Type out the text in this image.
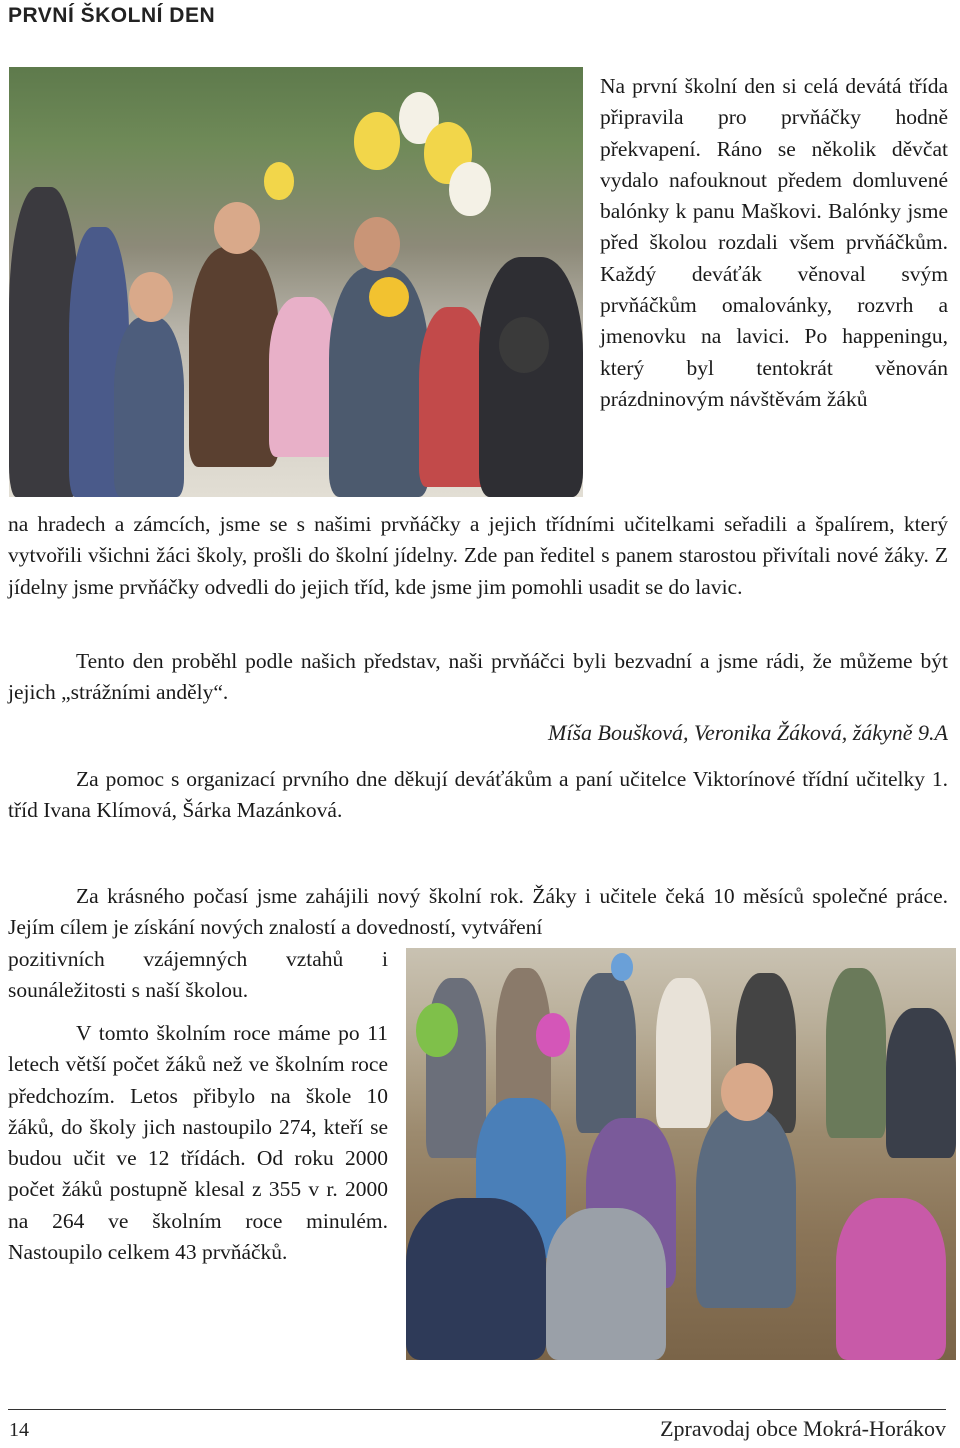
PRVNÍ ŠKOLNÍ DEN

Na první školní den si celá devátá třída připravila pro prvňáčky hodně překvapení. Ráno se několik děvčat vydalo nafouknout předem domluvené balónky k panu Maškovi. Balónky jsme před školou rozdali všem prvňáčkům. Každý deváťák věnoval svým prvňáčkům omalovánky, rozvrh a jmenovku na lavici. Po happeningu, který byl tentokrát věnován prázdninovým návštěvám žáků

na hradech a zámcích, jsme se s našimi prvňáčky a jejich třídními učitelkami seřadili a špalírem, který vytvořili všichni žáci školy, prošli do školní jídelny. Zde pan ředitel s panem starostou přivítali nové žáky. Z jídelny jsme prvňáčky odvedli do jejich tříd, kde jsme jim pomohli usadit se do lavic.

Tento den proběhl podle našich představ, naši prvňáčci byli bezvadní a jsme rádi, že můžeme být jejich „strážními anděly“.

Míša Boušková, Veronika Žáková, žákyně 9.A

Za pomoc s organizací prvního dne děkují deváťákům a paní učitelce Viktorínové třídní učitelky 1. tříd Ivana Klímová, Šárka Mazánková.

Za krásného počasí jsme zahájili nový školní rok. Žáky i učitele čeká 10 měsíců společné práce. Jejím cílem je získání nových znalostí a dovedností, vytváření

pozitivních vzájemných vztahů i sounáležitosti s naší školou.

V tomto školním roce máme po 11 letech větší počet žáků než ve školním roce předchozím. Letos přibylo na škole 10 žáků, do školy jich nastoupilo 274, kteří se budou učit ve 12 třídách. Od roku 2000 počet žáků postupně klesal z 355 v r. 2000 na 264 ve školním roce minulém. Nastoupilo celkem 43 prvňáčků.

14	Zpravodaj obce Mokrá-Horákov
